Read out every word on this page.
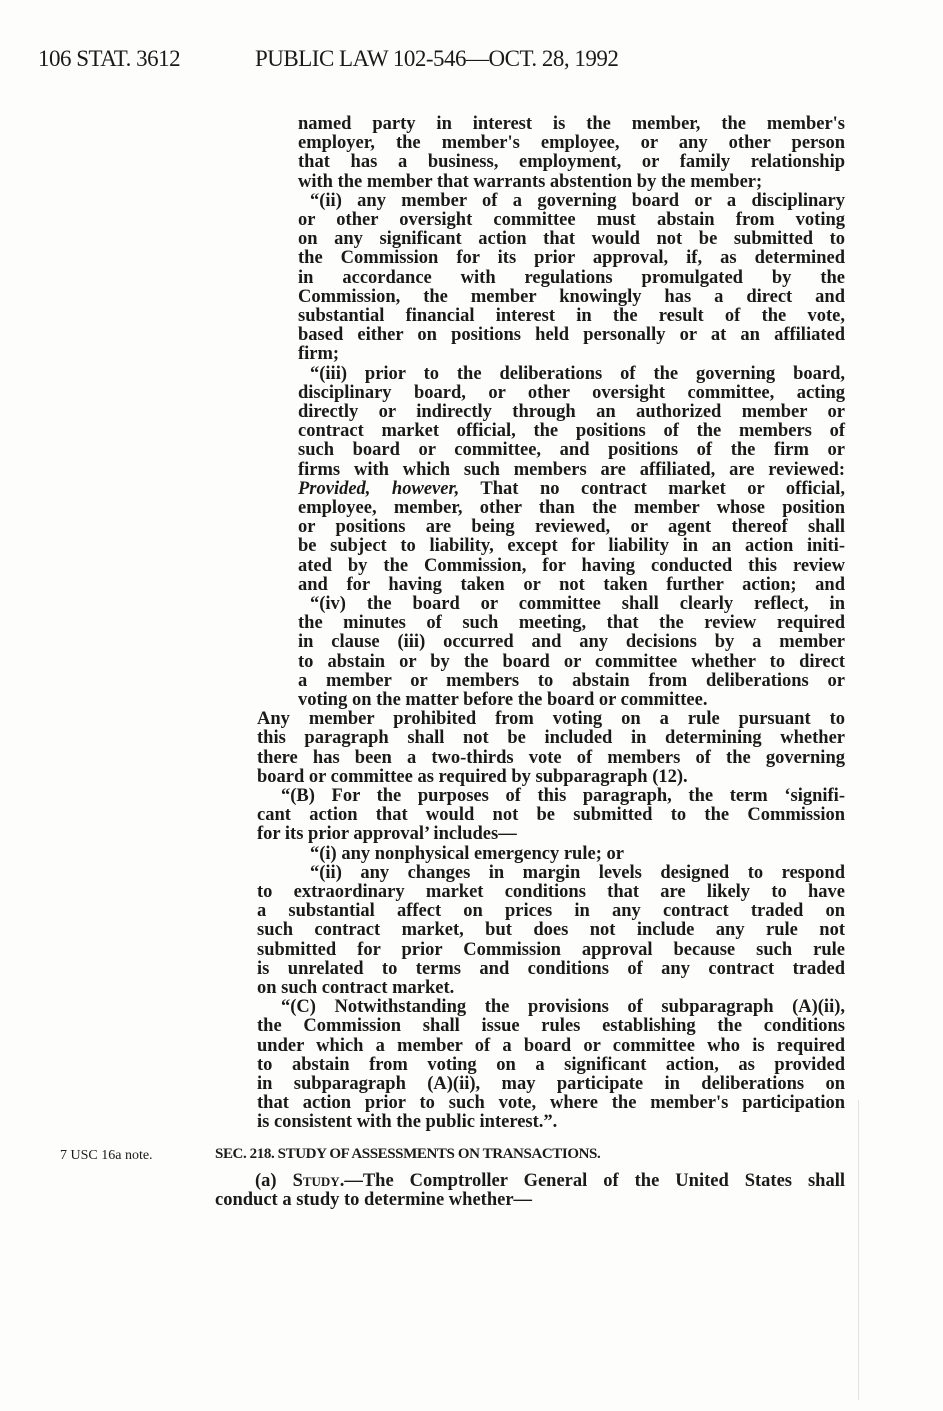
106 STAT. 3612	PUBLIC LAW 102-546—OCT. 28, 1992
named party in interest is the member, the member's
employer, the member's employee, or any other person
that has a business, employment, or family relationship
with the member that warrants abstention by the member;
“(ii) any member of a governing board or a disciplinary
or other oversight committee must abstain from voting
on any significant action that would not be submitted to
the Commission for its prior approval, if, as determined
in accordance with regulations promulgated by the
Commission, the member knowingly has a direct and
substantial financial interest in the result of the vote,
based either on positions held personally or at an affiliated
firm;
“(iii) prior to the deliberations of the governing board,
disciplinary board, or other oversight committee, acting
directly or indirectly through an authorized member or
contract market official, the positions of the members of
such board or committee, and positions of the firm or
firms with which such members are affiliated, are reviewed:
Provided, however, That no contract market or official,
employee, member, other than the member whose position
or positions are being reviewed, or agent thereof shall
be subject to liability, except for liability in an action initi-
ated by the Commission, for having conducted this review
and for having taken or not taken further action; and
“(iv) the board or committee shall clearly reflect, in
the minutes of such meeting, that the review required
in clause (iii) occurred and any decisions by a member
to abstain or by the board or committee whether to direct
a member or members to abstain from deliberations or
voting on the matter before the board or committee.
Any member prohibited from voting on a rule pursuant to
this paragraph shall not be included in determining whether
there has been a two-thirds vote of members of the governing
board or committee as required by subparagraph (12).
“(B) For the purposes of this paragraph, the term ‘signifi-
cant action that would not be submitted to the Commission
for its prior approval’ includes—
“(i) any nonphysical emergency rule; or
“(ii) any changes in margin levels designed to respond
to extraordinary market conditions that are likely to have
a substantial affect on prices in any contract traded on
such contract market, but does not include any rule not
submitted for prior Commission approval because such rule
is unrelated to terms and conditions of any contract traded
on such contract market.
“(C) Notwithstanding the provisions of subparagraph (A)(ii),
the Commission shall issue rules establishing the conditions
under which a member of a board or committee who is required
to abstain from voting on a significant action, as provided
in subparagraph (A)(ii), may participate in deliberations on
that action prior to such vote, where the member's participation
is consistent with the public interest.”.
7 USC 16a note.	SEC. 218. STUDY OF ASSESSMENTS ON TRANSACTIONS.
(a) Study.—The Comptroller General of the United States shall
conduct a study to determine whether—
